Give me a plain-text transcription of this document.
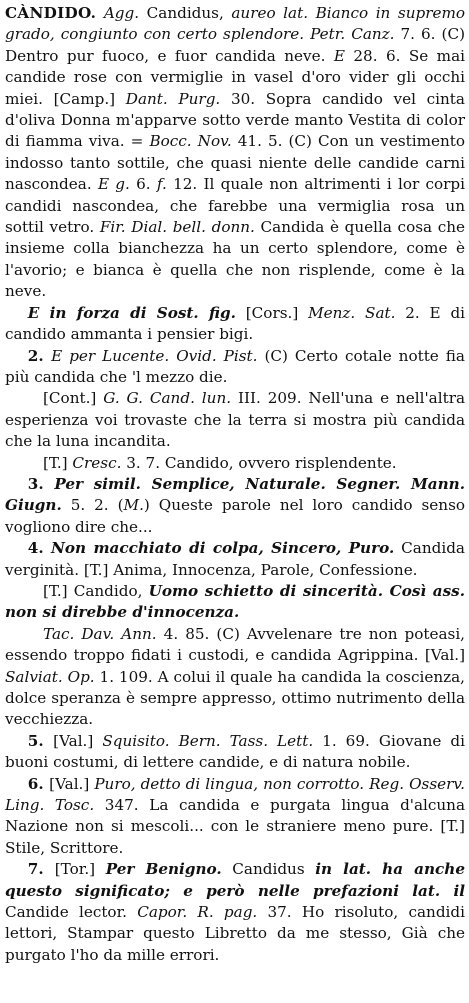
CÀNDIDO. Agg. Candidus, aureo lat. Bianco in supremo grado, congiunto con certo splendore. Petr. Canz. 7. 6. (C) Dentro pur fuoco, e fuor candida neve. E 28. 6. Se mai candide rose con vermiglie in vasel d'oro vider gli occhi miei. [Camp.] Dant. Purg. 30. Sopra candido vel cinta d'oliva Donna m'apparve sotto verde manto Vestita di color di fiamma viva. = Bocc. Nov. 41. 5. (C) Con un vestimento indosso tanto sottile, che quasi niente delle candide carni nascondea. E g. 6. f. 12. Il quale non altrimenti i lor corpi candidi nascondea, che farebbe una vermiglia rosa un sottil vetro. Fir. Dial. bell. donn. Candida è quella cosa che insieme colla bianchezza ha un certo splendore, come è l'avorio; e bianca è quella che non risplende, come è la neve.

E in forza di Sost. fig. [Cors.] Menz. Sat. 2. E di candido ammanta i pensier bigi.

2. E per Lucente. Ovid. Pist. (C) Certo cotale notte fia più candida che 'l mezzo die.

[Cont.] G. G. Cand. lun. III. 209. Nell'una e nell'altra esperienza voi trovaste che la terra si mostra più candida che la luna incandita.

[T.] Cresc. 3. 7. Candido, ovvero risplendente.

3. Per simil. Semplice, Naturale. Segner. Mann. Giugn. 5. 2. (M.) Queste parole nel loro candido senso vogliono dire che...

4. Non macchiato di colpa, Sincero, Puro. Candida verginità. [T.] Animа, Innocenza, Parole, Confessione.

[T.] Candido, Uomo schietto di sincerità. Così ass. non si direbbe d'innocenza.

Tac. Dav. Ann. 4. 85. (C) Avvelenare tre non poteasi, essendo troppo fidati i custodi, e candida Agrippina. [Val.] Salviat. Op. 1. 109. A colui il quale ha candida la coscienza, dolce speranza è sempre appresso, ottimo nutrimento della vecchiezza.

5. [Val.] Squisito. Bern. Tass. Lett. 1. 69. Giovane di buoni costumi, di lettere candide, e di natura nobile.

6. [Val.] Puro, detto di lingua, non corrotto. Reg. Osserv. Ling. Tosc. 347. La candida e purgata lingua d'alcuna Nazione non si mescoli... con le straniere meno pure. [T.] Stile, Scrittore.

7. [Tor.] Per Benigno. Candidus in lat. ha anche questo significato; e però nelle prefazioni lat. il Candide lector. Capor. R. pag. 37. Ho risoluto, candidi lettori, Stampar questo Libretto da me stesso, Già che purgato l'ho da mille errori.
